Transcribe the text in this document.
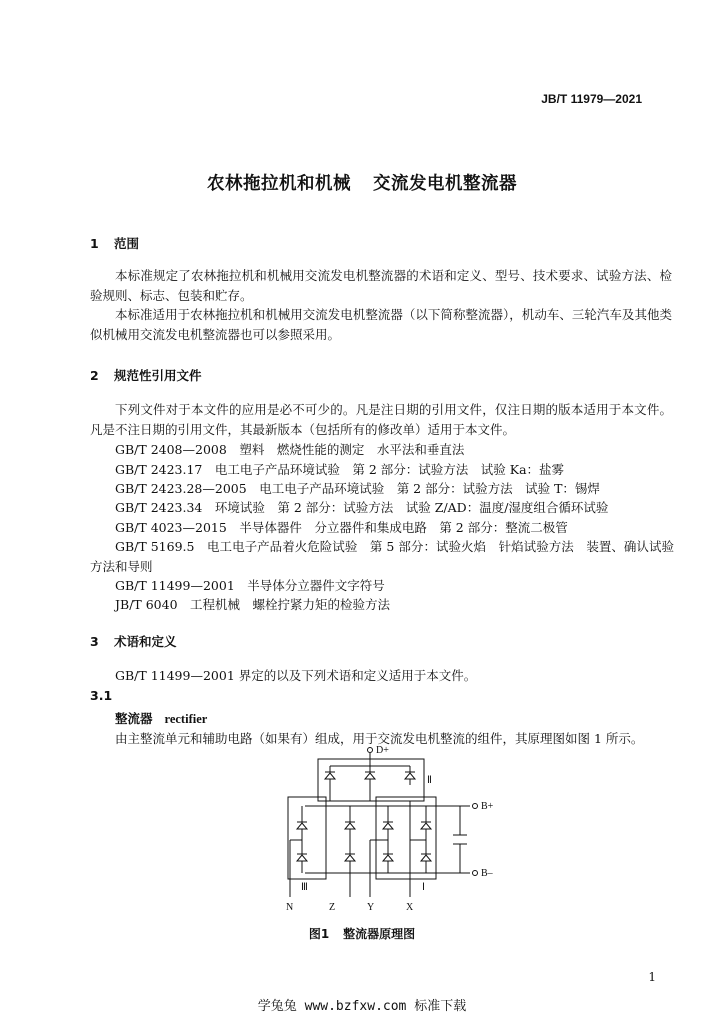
JB/T 11979—2021
农林拖拉机和机械 交流发电机整流器
1 范围
本标准规定了农林拖拉机和机械用交流发电机整流器的术语和定义、型号、技术要求、试验方法、检验规则、标志、包装和贮存。
本标准适用于农林拖拉机和机械用交流发电机整流器（以下简称整流器），机动车、三轮汽车及其他类似机械用交流发电机整流器也可以参照采用。
2 规范性引用文件
下列文件对于本文件的应用是必不可少的。凡是注日期的引用文件，仅注日期的版本适用于本文件。凡是不注日期的引用文件，其最新版本（包括所有的修改单）适用于本文件。
GB/T 2408—2008　塑料　燃烧性能的测定　水平法和垂直法
GB/T 2423.17　电工电子产品环境试验　第 2 部分：试验方法　试验 Ka：盐雾
GB/T 2423.28—2005　电工电子产品环境试验　第 2 部分：试验方法　试验 T：锡焊
GB/T 2423.34　环境试验　第 2 部分：试验方法　试验 Z/AD：温度/湿度组合循环试验
GB/T 4023—2015　半导体器件　分立器件和集成电路　第 2 部分：整流二极管
GB/T 5169.5　电工电子产品着火危险试验　第 5 部分：试验火焰　针焰试验方法　装置、确认试验方法和导则
GB/T 11499—2001　半导体分立器件文字符号
JB/T 6040　工程机械　螺栓拧紧力矩的检验方法
3 术语和定义
GB/T 11499—2001 界定的以及下列术语和定义适用于本文件。
3.1
整流器 rectifier
由主整流单元和辅助电路（如果有）组成，用于交流发电机整流的组件，其原理图如图 1 所示。
D+
Ⅱ
B+
B–
Ⅲ	Ⅰ
N	Z	Y	X
图1 整流器原理图
1
学兔兔 www.bzfxw.com 标准下载
